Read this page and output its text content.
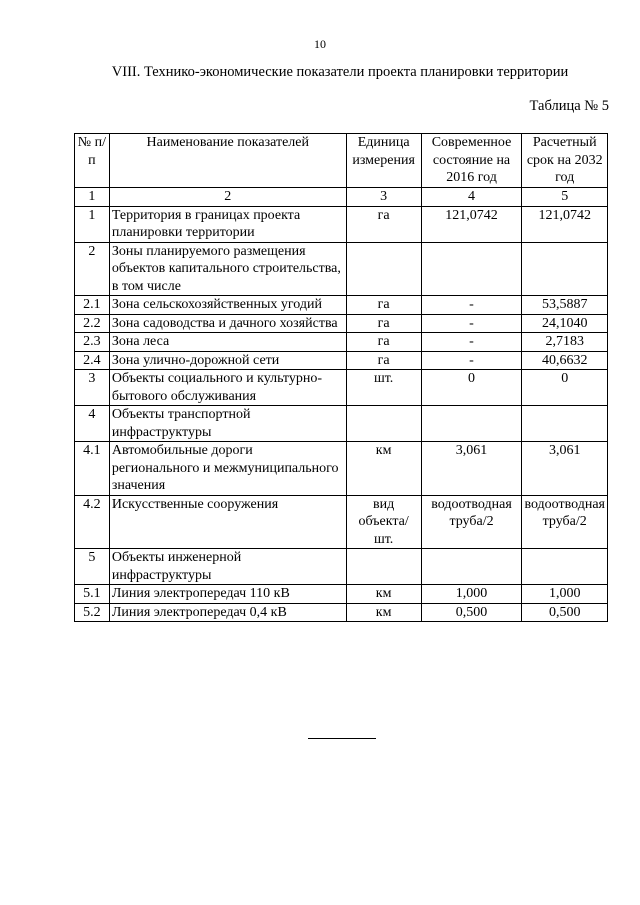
10
VIII. Технико-экономические показатели проекта планировки территории
Таблица № 5
№ п/п	Наименование показателей	Единица измерения	Современное состояние на 2016 год	Расчетный срок на 2032 год
1	2	3	4	5
1	Территория в границах проекта планировки территории	га	121,0742	121,0742
2	Зоны планируемого размещения объектов капитального строительства, в том числе			
2.1	Зона сельскохозяйственных угодий	га	-	53,5887
2.2	Зона садоводства и дачного хозяйства	га	-	24,1040
2.3	Зона леса	га	-	2,7183
2.4	Зона улично-дорожной сети	га	-	40,6632
3	Объекты социального и культурно-бытового обслуживания	шт.	0	0
4	Объекты транспортной инфраструктуры			
4.1	Автомобильные дороги регионального и межмуниципального значения	км	3,061	3,061
4.2	Искусственные сооружения	вид объекта/ шт.	водоотводная труба/2	водоотводная труба/2
5	Объекты инженерной инфраструктуры			
5.1	Линия электропередач 110 кВ	км	1,000	1,000
5.2	Линия электропередач 0,4 кВ	км	0,500	0,500
